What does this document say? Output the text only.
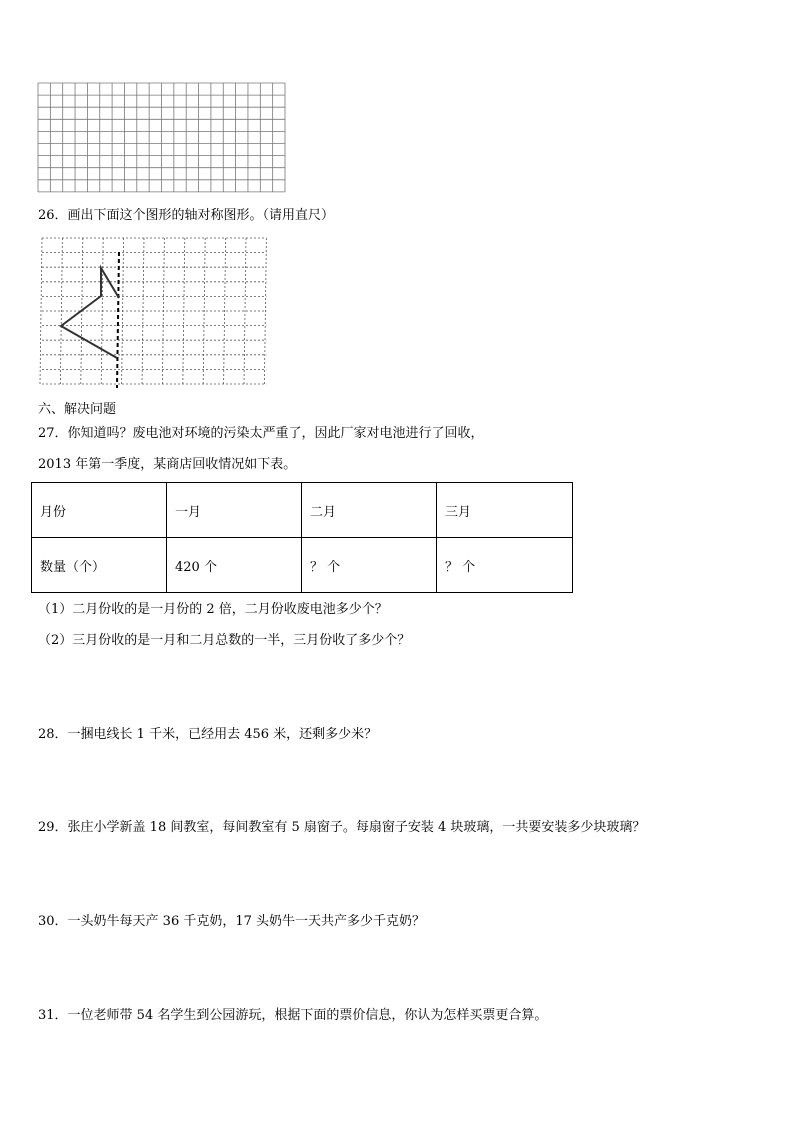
26．画出下面这个图形的轴对称图形。（请用直尺）
六、解决问题
27．你知道吗？废电池对环境的污染太严重了，因此厂家对电池进行了回收，
2013 年第一季度，某商店回收情况如下表。
月份	一月	二月	三月
数量（个）	420 个	？ 个	？ 个
（1）二月份收的是一月份的 2 倍，二月份收废电池多少个？
（2）三月份收的是一月和二月总数的一半，三月份收了多少个？
28．一捆电线长 1 千米，已经用去 456 米，还剩多少米？
29．张庄小学新盖 18 间教室，每间教室有 5 扇窗子。每扇窗子安装 4 块玻璃，一共要安装多少块玻璃？
30．一头奶牛每天产 36 千克奶，17 头奶牛一天共产多少千克奶？
31．一位老师带 54 名学生到公园游玩，根据下面的票价信息，你认为怎样买票更合算。
